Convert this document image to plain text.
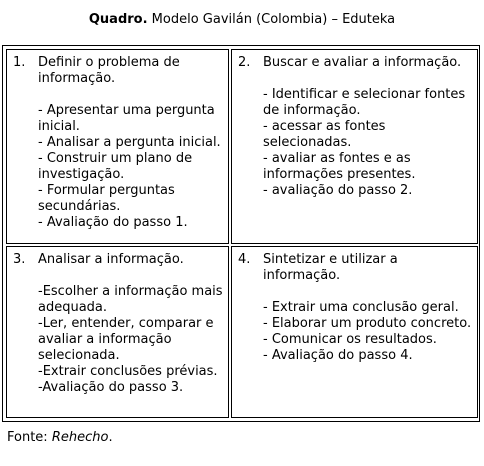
Quadro. Modelo Gavilán (Colombia) – Eduteka
1. Definir o problema de informação.
- Apresentar uma pergunta inicial.
- Analisar a pergunta inicial.
- Construir um plano de investigação.
- Formular perguntas secundárias.
- Avaliação do passo 1.
2. Buscar e avaliar a informação.
- Identificar e selecionar fontes de informação.
- acessar as fontes selecionadas.
- avaliar as fontes e as informações presentes.
- avaliação do passo 2.
3. Analisar a informação.
-Escolher a informação mais adequada.
-Ler, entender, comparar e avaliar a informação selecionada.
-Extrair conclusões prévias.
-Avaliação do passo 3.
4. Sintetizar e utilizar a informação.
- Extrair uma conclusão geral.
- Elaborar um produto concreto.
- Comunicar os resultados.
- Avaliação do passo 4.
Fonte: Rehecho.
